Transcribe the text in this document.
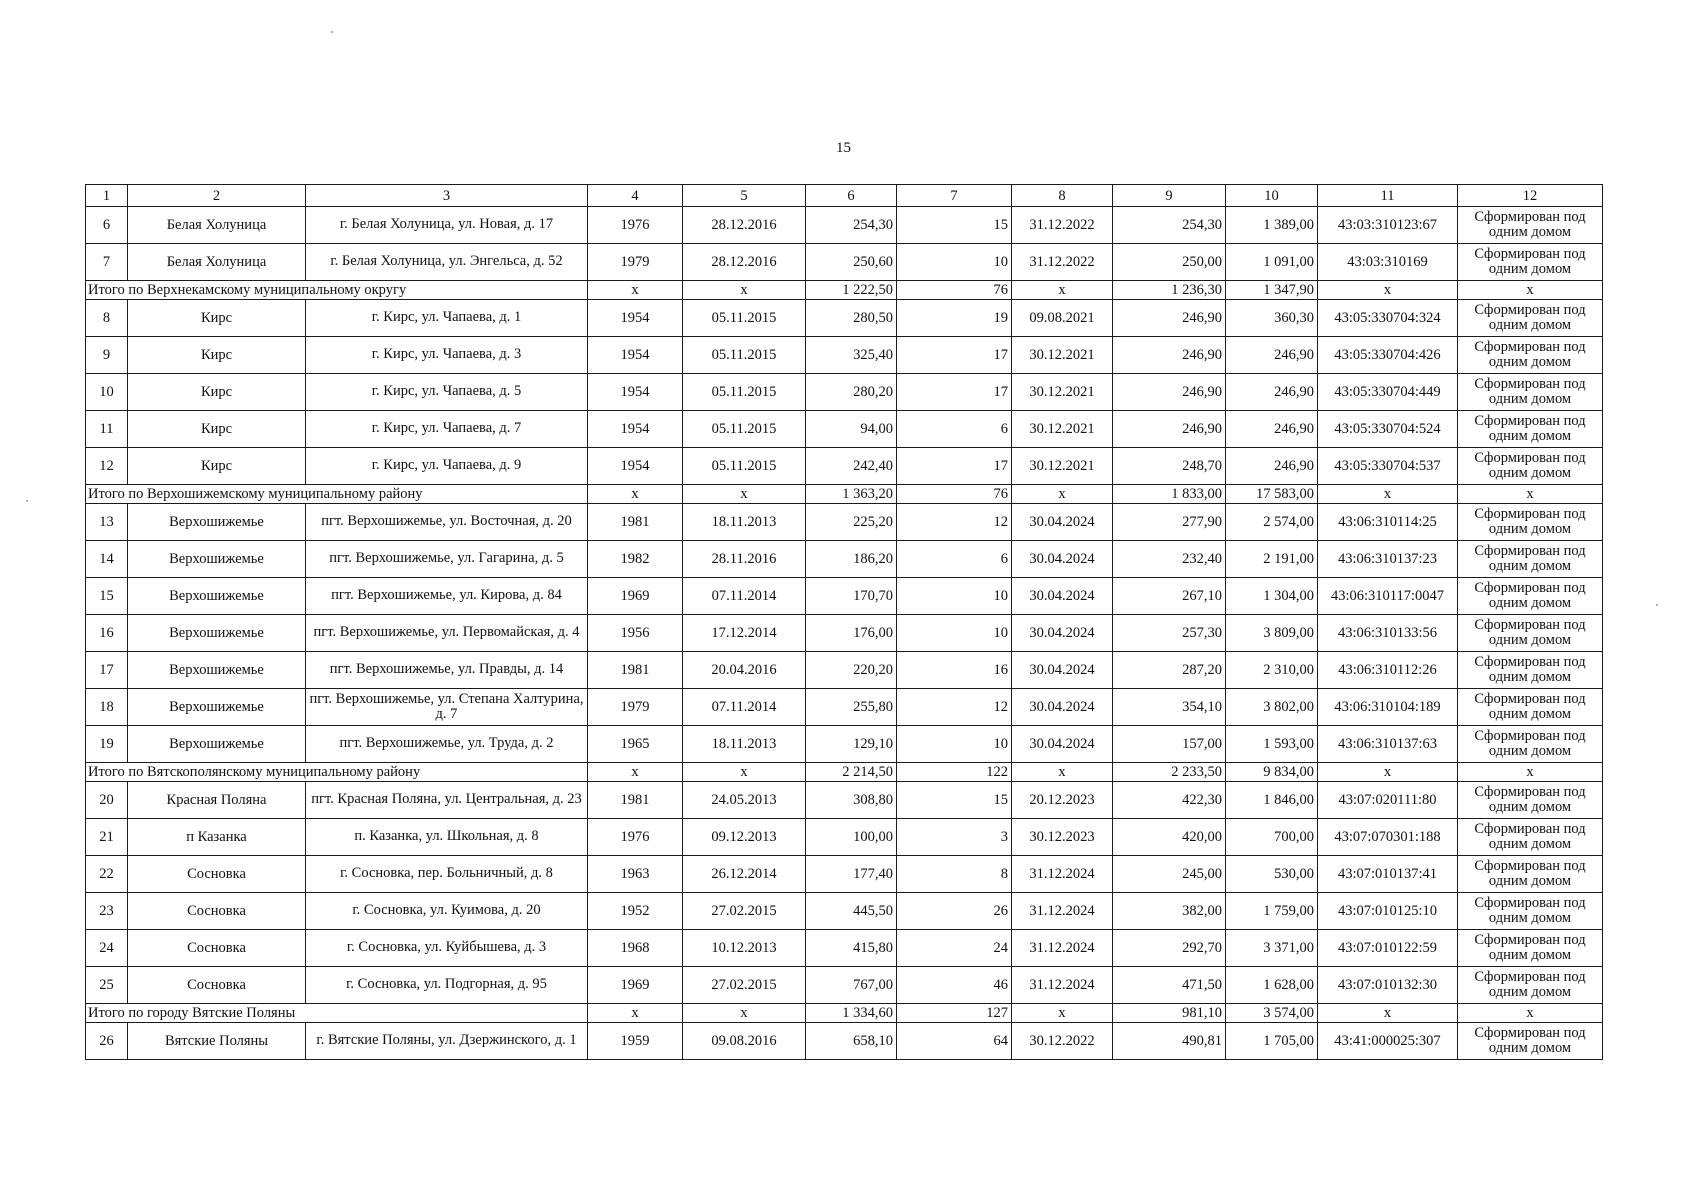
15
1	2	3	4	5	6	7	8	9	10	11	12
6	Белая Холуница	г. Белая Холуница, ул. Новая, д. 17	1976	28.12.2016	254,30	15	31.12.2022	254,30	1 389,00	43:03:310123:67	Сформирован под одним домом
7	Белая Холуница	г. Белая Холуница, ул. Энгельса, д. 52	1979	28.12.2016	250,60	10	31.12.2022	250,00	1 091,00	43:03:310169	Сформирован под одним домом
Итого по Верхнекамскому муниципальному округу			x	x	1 222,50	76	x	1 236,30	1 347,90	x	x
8	Кирс	г. Кирс, ул. Чапаева, д. 1	1954	05.11.2015	280,50	19	09.08.2021	246,90	360,30	43:05:330704:324	Сформирован под одним домом
9	Кирс	г. Кирс, ул. Чапаева, д. 3	1954	05.11.2015	325,40	17	30.12.2021	246,90	246,90	43:05:330704:426	Сформирован под одним домом
10	Кирс	г. Кирс, ул. Чапаева, д. 5	1954	05.11.2015	280,20	17	30.12.2021	246,90	246,90	43:05:330704:449	Сформирован под одним домом
11	Кирс	г. Кирс, ул. Чапаева, д. 7	1954	05.11.2015	94,00	6	30.12.2021	246,90	246,90	43:05:330704:524	Сформирован под одним домом
12	Кирс	г. Кирс, ул. Чапаева, д. 9	1954	05.11.2015	242,40	17	30.12.2021	248,70	246,90	43:05:330704:537	Сформирован под одним домом
Итого по Верхошижемскому муниципальному району			x	x	1 363,20	76	x	1 833,00	17 583,00	x	x
13	Верхошижемье	пгт. Верхошижемье, ул. Восточная, д. 20	1981	18.11.2013	225,20	12	30.04.2024	277,90	2 574,00	43:06:310114:25	Сформирован под одним домом
14	Верхошижемье	пгт. Верхошижемье, ул. Гагарина, д. 5	1982	28.11.2016	186,20	6	30.04.2024	232,40	2 191,00	43:06:310137:23	Сформирован под одним домом
15	Верхошижемье	пгт. Верхошижемье, ул. Кирова, д. 84	1969	07.11.2014	170,70	10	30.04.2024	267,10	1 304,00	43:06:310117:0047	Сформирован под одним домом
16	Верхошижемье	пгт. Верхошижемье, ул. Первомайская, д. 4	1956	17.12.2014	176,00	10	30.04.2024	257,30	3 809,00	43:06:310133:56	Сформирован под одним домом
17	Верхошижемье	пгт. Верхошижемье, ул. Правды, д. 14	1981	20.04.2016	220,20	16	30.04.2024	287,20	2 310,00	43:06:310112:26	Сформирован под одним домом
18	Верхошижемье	пгт. Верхошижемье, ул. Степана Халтурина, д. 7	1979	07.11.2014	255,80	12	30.04.2024	354,10	3 802,00	43:06:310104:189	Сформирован под одним домом
19	Верхошижемье	пгт. Верхошижемье, ул. Труда, д. 2	1965	18.11.2013	129,10	10	30.04.2024	157,00	1 593,00	43:06:310137:63	Сформирован под одним домом
Итого по Вятскополянскому муниципальному району			x	x	2 214,50	122	x	2 233,50	9 834,00	x	x
20	Красная Поляна	пгт. Красная Поляна, ул. Центральная, д. 23	1981	24.05.2013	308,80	15	20.12.2023	422,30	1 846,00	43:07:020111:80	Сформирован под одним домом
21	п Казанка	п. Казанка, ул. Школьная, д. 8	1976	09.12.2013	100,00	3	30.12.2023	420,00	700,00	43:07:070301:188	Сформирован под одним домом
22	Сосновка	г. Сосновка, пер. Больничный, д. 8	1963	26.12.2014	177,40	8	31.12.2024	245,00	530,00	43:07:010137:41	Сформирован под одним домом
23	Сосновка	г. Сосновка, ул. Куимова, д. 20	1952	27.02.2015	445,50	26	31.12.2024	382,00	1 759,00	43:07:010125:10	Сформирован под одним домом
24	Сосновка	г. Сосновка, ул. Куйбышева, д. 3	1968	10.12.2013	415,80	24	31.12.2024	292,70	3 371,00	43:07:010122:59	Сформирован под одним домом
25	Сосновка	г. Сосновка, ул. Подгорная, д. 95	1969	27.02.2015	767,00	46	31.12.2024	471,50	1 628,00	43:07:010132:30	Сформирован под одним домом
Итого по городу Вятские Поляны			x	x	1 334,60	127	x	981,10	3 574,00	x	x
26	Вятские Поляны	г. Вятские Поляны, ул. Дзержинского, д. 1	1959	09.08.2016	658,10	64	30.12.2022	490,81	1 705,00	43:41:000025:307	Сформирован под одним домом
